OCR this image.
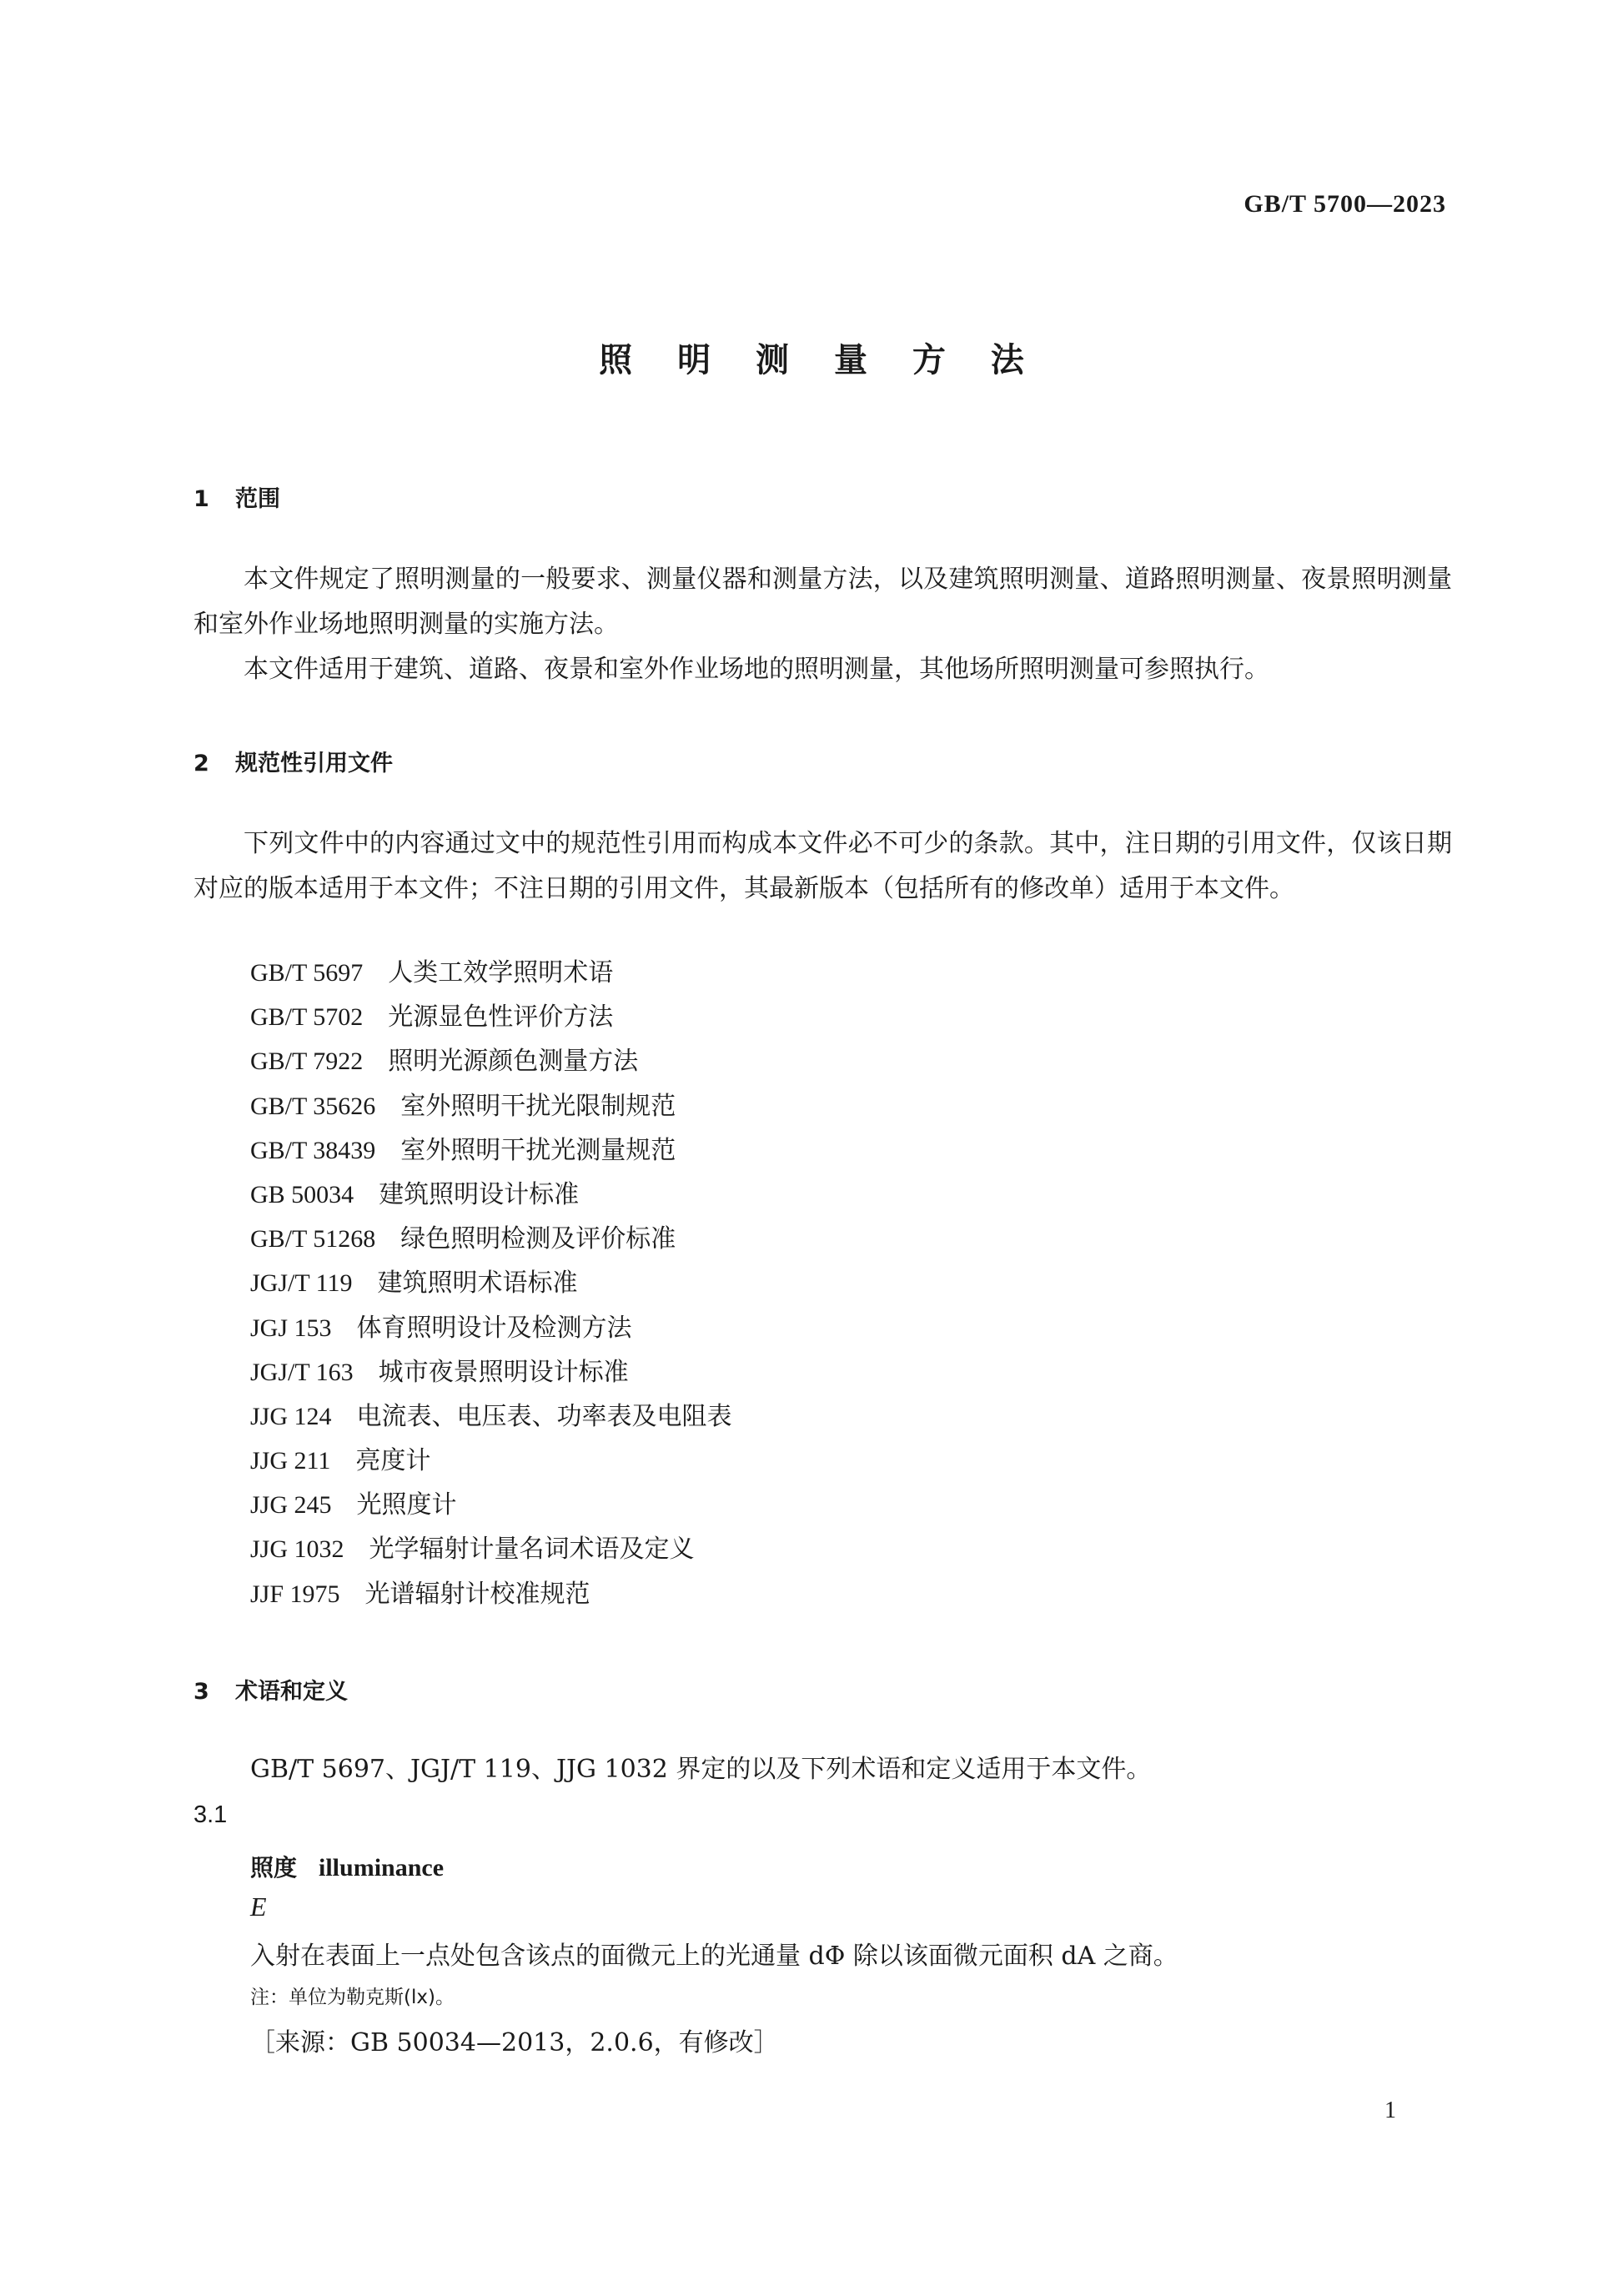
GB/T 5700—2023
照 明 测 量 方 法
1 范围

本文件规定了照明测量的一般要求、测量仪器和测量方法，以及建筑照明测量、道路照明测量、夜景照明测量和室外作业场地照明测量的实施方法。

本文件适用于建筑、道路、夜景和室外作业场地的照明测量，其他场所照明测量可参照执行。

2 规范性引用文件

下列文件中的内容通过文中的规范性引用而构成本文件必不可少的条款。其中，注日期的引用文件，仅该日期对应的版本适用于本文件；不注日期的引用文件，其最新版本（包括所有的修改单）适用于本文件。

GB/T 5697 人类工效学照明术语
GB/T 5702 光源显色性评价方法
GB/T 7922 照明光源颜色测量方法
GB/T 35626 室外照明干扰光限制规范
GB/T 38439 室外照明干扰光测量规范
GB 50034 建筑照明设计标准
GB/T 51268 绿色照明检测及评价标准
JGJ/T 119 建筑照明术语标准
JGJ 153 体育照明设计及检测方法
JGJ/T 163 城市夜景照明设计标准
JJG 124 电流表、电压表、功率表及电阻表
JJG 211 亮度计
JJG 245 光照度计
JJG 1032 光学辐射计量名词术语及定义
JJF 1975 光谱辐射计校准规范
3 术语和定义
GB/T 5697、JGJ/T 119、JJG 1032 界定的以及下列术语和定义适用于本文件。
3.1
照度 illuminance
E
入射在表面上一点处包含该点的面微元上的光通量 dΦ 除以该面微元面积 dA 之商。
注：单位为勒克斯(lx)。
［来源：GB 50034—2013，2.0.6，有修改］
1
